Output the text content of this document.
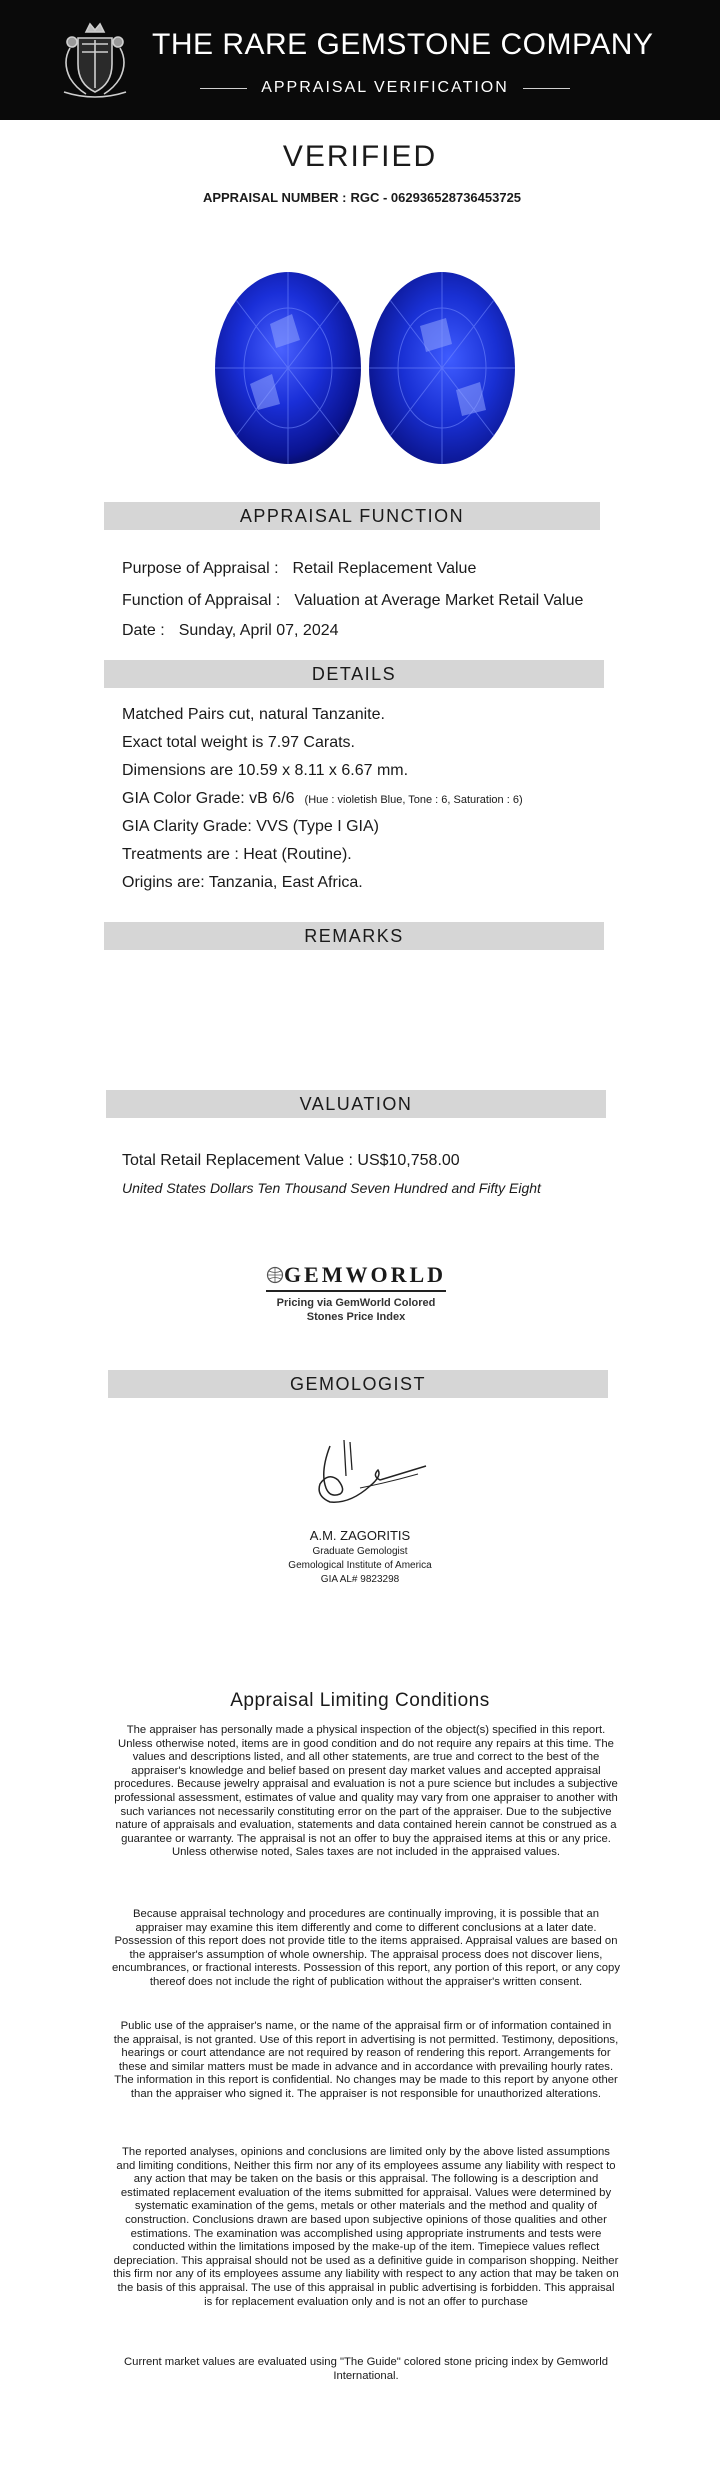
THE RARE GEMSTONE COMPANY
APPRAISAL VERIFICATION
VERIFIED
APPRAISAL NUMBER : RGC - 062936528736453725
APPRAISAL FUNCTION
Purpose of Appraisal : Retail Replacement Value
Function of Appraisal : Valuation at Average Market Retail Value
Date : Sunday, April 07, 2024
DETAILS
Matched Pairs cut, natural Tanzanite.
Exact total weight is 7.97 Carats.
Dimensions are 10.59 x 8.11 x 6.67 mm.
GIA Color Grade: vB 6/6 (Hue : violetish Blue, Tone : 6, Saturation : 6)
GIA Clarity Grade: VVS (Type I GIA)
Treatments are : Heat (Routine).
Origins are: Tanzania, East Africa.
REMARKS
VALUATION
Total Retail Replacement Value : US$10,758.00
United States Dollars Ten Thousand Seven Hundred and Fifty Eight
GEMWORLD
Pricing via GemWorld Colored
Stones Price Index
GEMOLOGIST
A.M. ZAGORITIS
Graduate Gemologist
Gemological Institute of America
GIA AL# 9823298
Appraisal Limiting Conditions
The appraiser has personally made a physical inspection of the object(s) specified in this report. Unless otherwise noted, items are in good condition and do not require any repairs at this time. The values and descriptions listed, and all other statements, are true and correct to the best of the appraiser's knowledge and belief based on present day market values and accepted appraisal procedures. Because jewelry appraisal and evaluation is not a pure science but includes a subjective professional assessment, estimates of value and quality may vary from one appraiser to another with such variances not necessarily constituting error on the part of the appraiser. Due to the subjective nature of appraisals and evaluation, statements and data contained herein cannot be construed as a guarantee or warranty. The appraisal is not an offer to buy the appraised items at this or any price. Unless otherwise noted, Sales taxes are not included in the appraised values.
Because appraisal technology and procedures are continually improving, it is possible that an appraiser may examine this item differently and come to different conclusions at a later date. Possession of this report does not provide title to the items appraised. Appraisal values are based on the appraiser's assumption of whole ownership. The appraisal process does not discover liens, encumbrances, or fractional interests. Possession of this report, any portion of this report, or any copy thereof does not include the right of publication without the appraiser's written consent.
Public use of the appraiser's name, or the name of the appraisal firm or of information contained in the appraisal, is not granted. Use of this report in advertising is not permitted. Testimony, depositions, hearings or court attendance are not required by reason of rendering this report. Arrangements for these and similar matters must be made in advance and in accordance with prevailing hourly rates. The information in this report is confidential. No changes may be made to this report by anyone other than the appraiser who signed it. The appraiser is not responsible for unauthorized alterations.
The reported analyses, opinions and conclusions are limited only by the above listed assumptions and limiting conditions, Neither this firm nor any of its employees assume any liability with respect to any action that may be taken on the basis or this appraisal. The following is a description and estimated replacement evaluation of the items submitted for appraisal. Values were determined by systematic examination of the gems, metals or other materials and the method and quality of construction. Conclusions drawn are based upon subjective opinions of those qualities and other estimations. The examination was accomplished using appropriate instruments and tests were conducted within the limitations imposed by the make-up of the item. Timepiece values reflect depreciation. This appraisal should not be used as a definitive guide in comparison shopping. Neither this firm nor any of its employees assume any liability with respect to any action that may be taken on the basis of this appraisal. The use of this appraisal in public advertising is forbidden. This appraisal is for replacement evaluation only and is not an offer to purchase
Current market values are evaluated using "The Guide" colored stone pricing index by Gemworld International.
